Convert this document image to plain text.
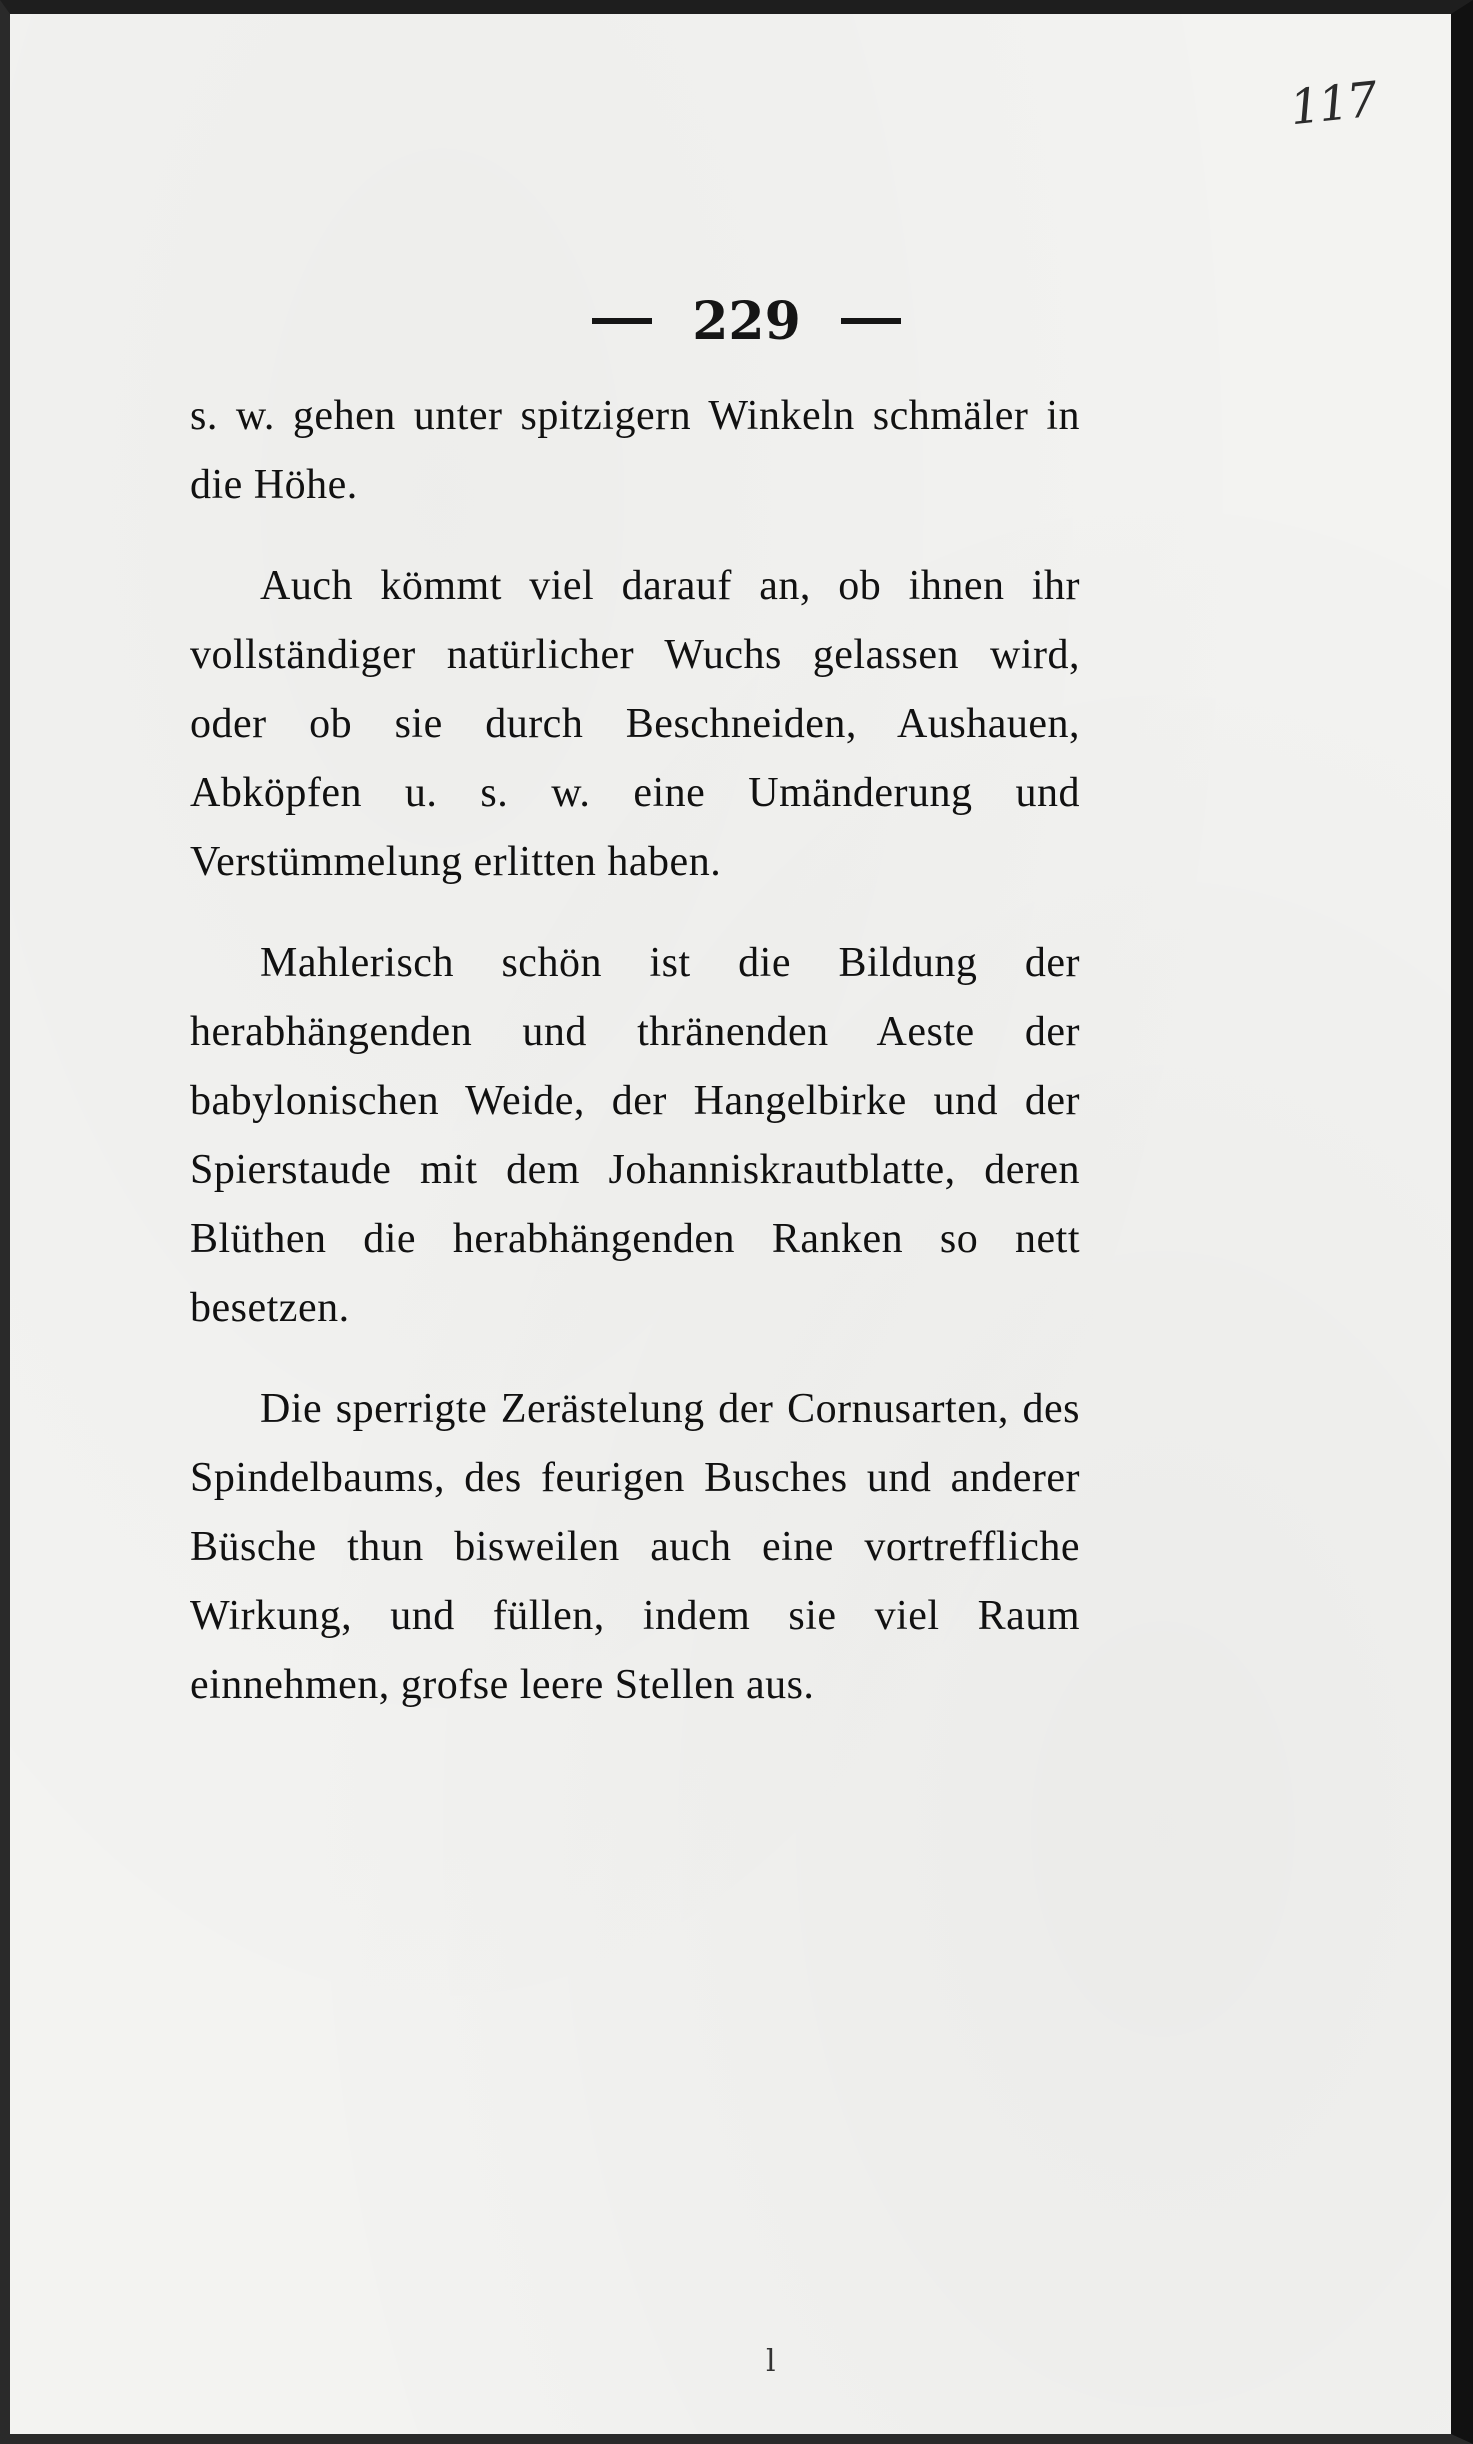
117
229

s. w. gehen unter spitzigern Winkeln schmäler in die Höhe.

Auch kömmt viel darauf an, ob ihnen ihr vollständiger natürlicher Wuchs gelassen wird, oder ob sie durch Beschneiden, Aushauen, Abköpfen u. s. w. eine Umänderung und Verstümmelung erlitten haben.

Mahlerisch schön ist die Bildung der herabhängenden und thränenden Aeste der babylonischen Weide, der Hangelbirke und der Spierstaude mit dem Johanniskrautblatte, deren Blüthen die herabhängenden Ranken so nett besetzen.

Die sperrigte Zerästelung der Cornusarten, des Spindelbaums, des feurigen Busches und anderer Büsche thun bisweilen auch eine vortreffliche Wirkung, und füllen, indem sie viel Raum einnehmen, grofse leere Stellen aus.

l
